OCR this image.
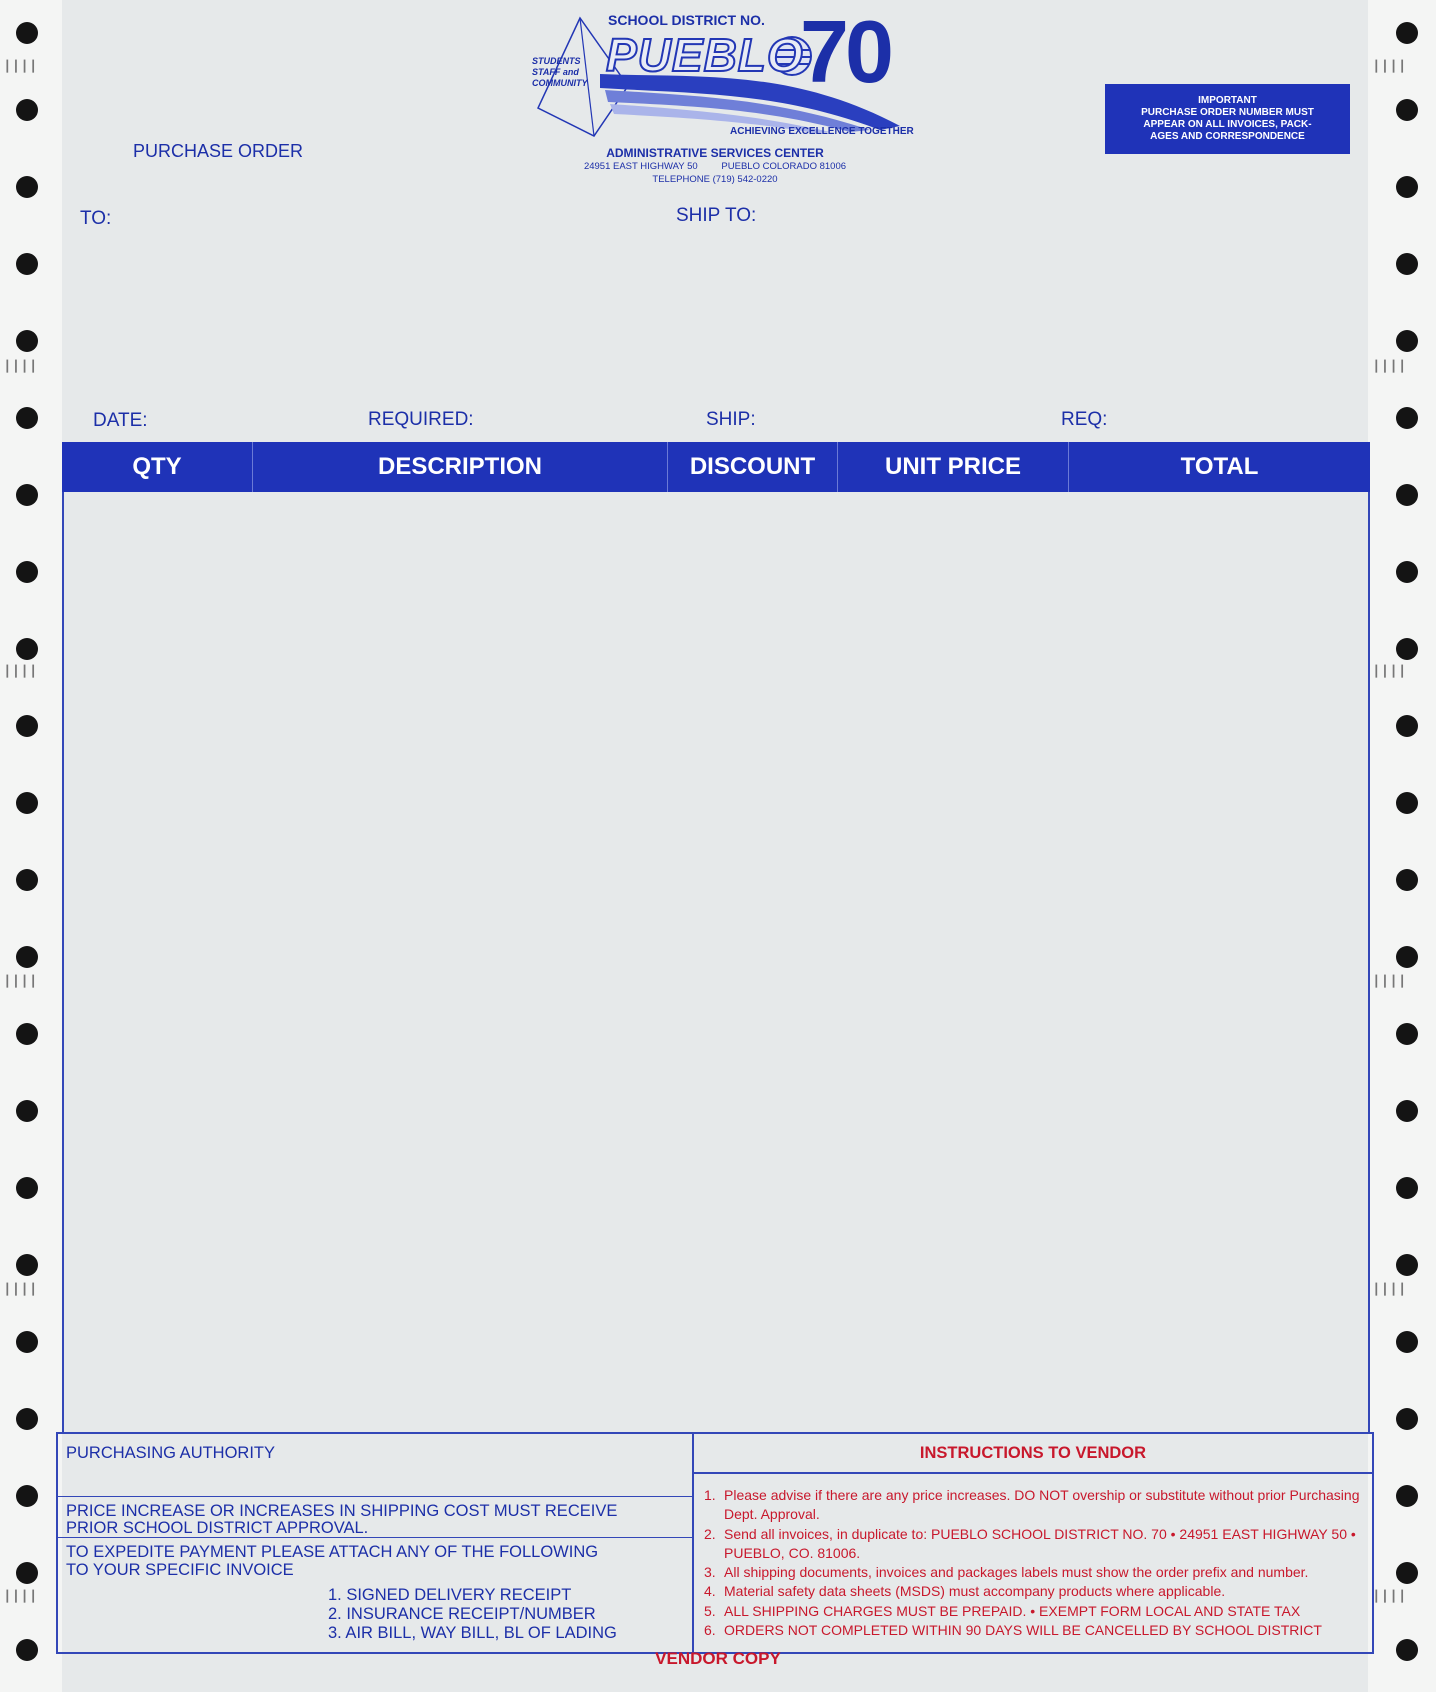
┃┃┃┃	┃┃┃┃
┃┃┃┃	┃┃┃┃
┃┃┃┃	┃┃┃┃
┃┃┃┃	┃┃┃┃
┃┃┃┃	┃┃┃┃
┃┃┃┃	┃┃┃┃
SCHOOL DISTRICT NO.
PUEBLO
70
STUDENTS
STAFF and
COMMUNITY
ACHIEVING EXCELLENCE TOGETHER
ADMINISTRATIVE SERVICES CENTER
24951 EAST HIGHWAY 50	PUEBLO COLORADO 81006
TELEPHONE (719) 542-0220
IMPORTANT
PURCHASE ORDER NUMBER MUST
APPEAR ON ALL INVOICES, PACK-
AGES AND CORRESPONDENCE
PURCHASE ORDER
TO:	SHIP TO:
DATE:	REQUIRED:	SHIP:	REQ:
QTY	DESCRIPTION	DISCOUNT	UNIT PRICE	TOTAL
PURCHASING AUTHORITY
PRICE INCREASE OR INCREASES IN SHIPPING COST MUST RECEIVE
PRIOR SCHOOL DISTRICT APPROVAL.
TO EXPEDITE PAYMENT PLEASE ATTACH ANY OF THE FOLLOWING
TO YOUR SPECIFIC INVOICE
1. SIGNED DELIVERY RECEIPT
2. INSURANCE RECEIPT/NUMBER
3. AIR BILL, WAY BILL, BL OF LADING
INSTRUCTIONS TO VENDOR
1. Please advise if there are any price increases. DO NOT overship or substitute without prior Purchasing Dept. Approval.
2. Send all invoices, in duplicate to: PUEBLO SCHOOL DISTRICT NO. 70 • 24951 EAST HIGHWAY 50 • PUEBLO, CO. 81006.
3. All shipping documents, invoices and packages labels must show the order prefix and number.
4. Material safety data sheets (MSDS) must accompany products where applicable.
5. ALL SHIPPING CHARGES MUST BE PREPAID. • EXEMPT FORM LOCAL AND STATE TAX
6. ORDERS NOT COMPLETED WITHIN 90 DAYS WILL BE CANCELLED BY SCHOOL DISTRICT
VENDOR COPY
